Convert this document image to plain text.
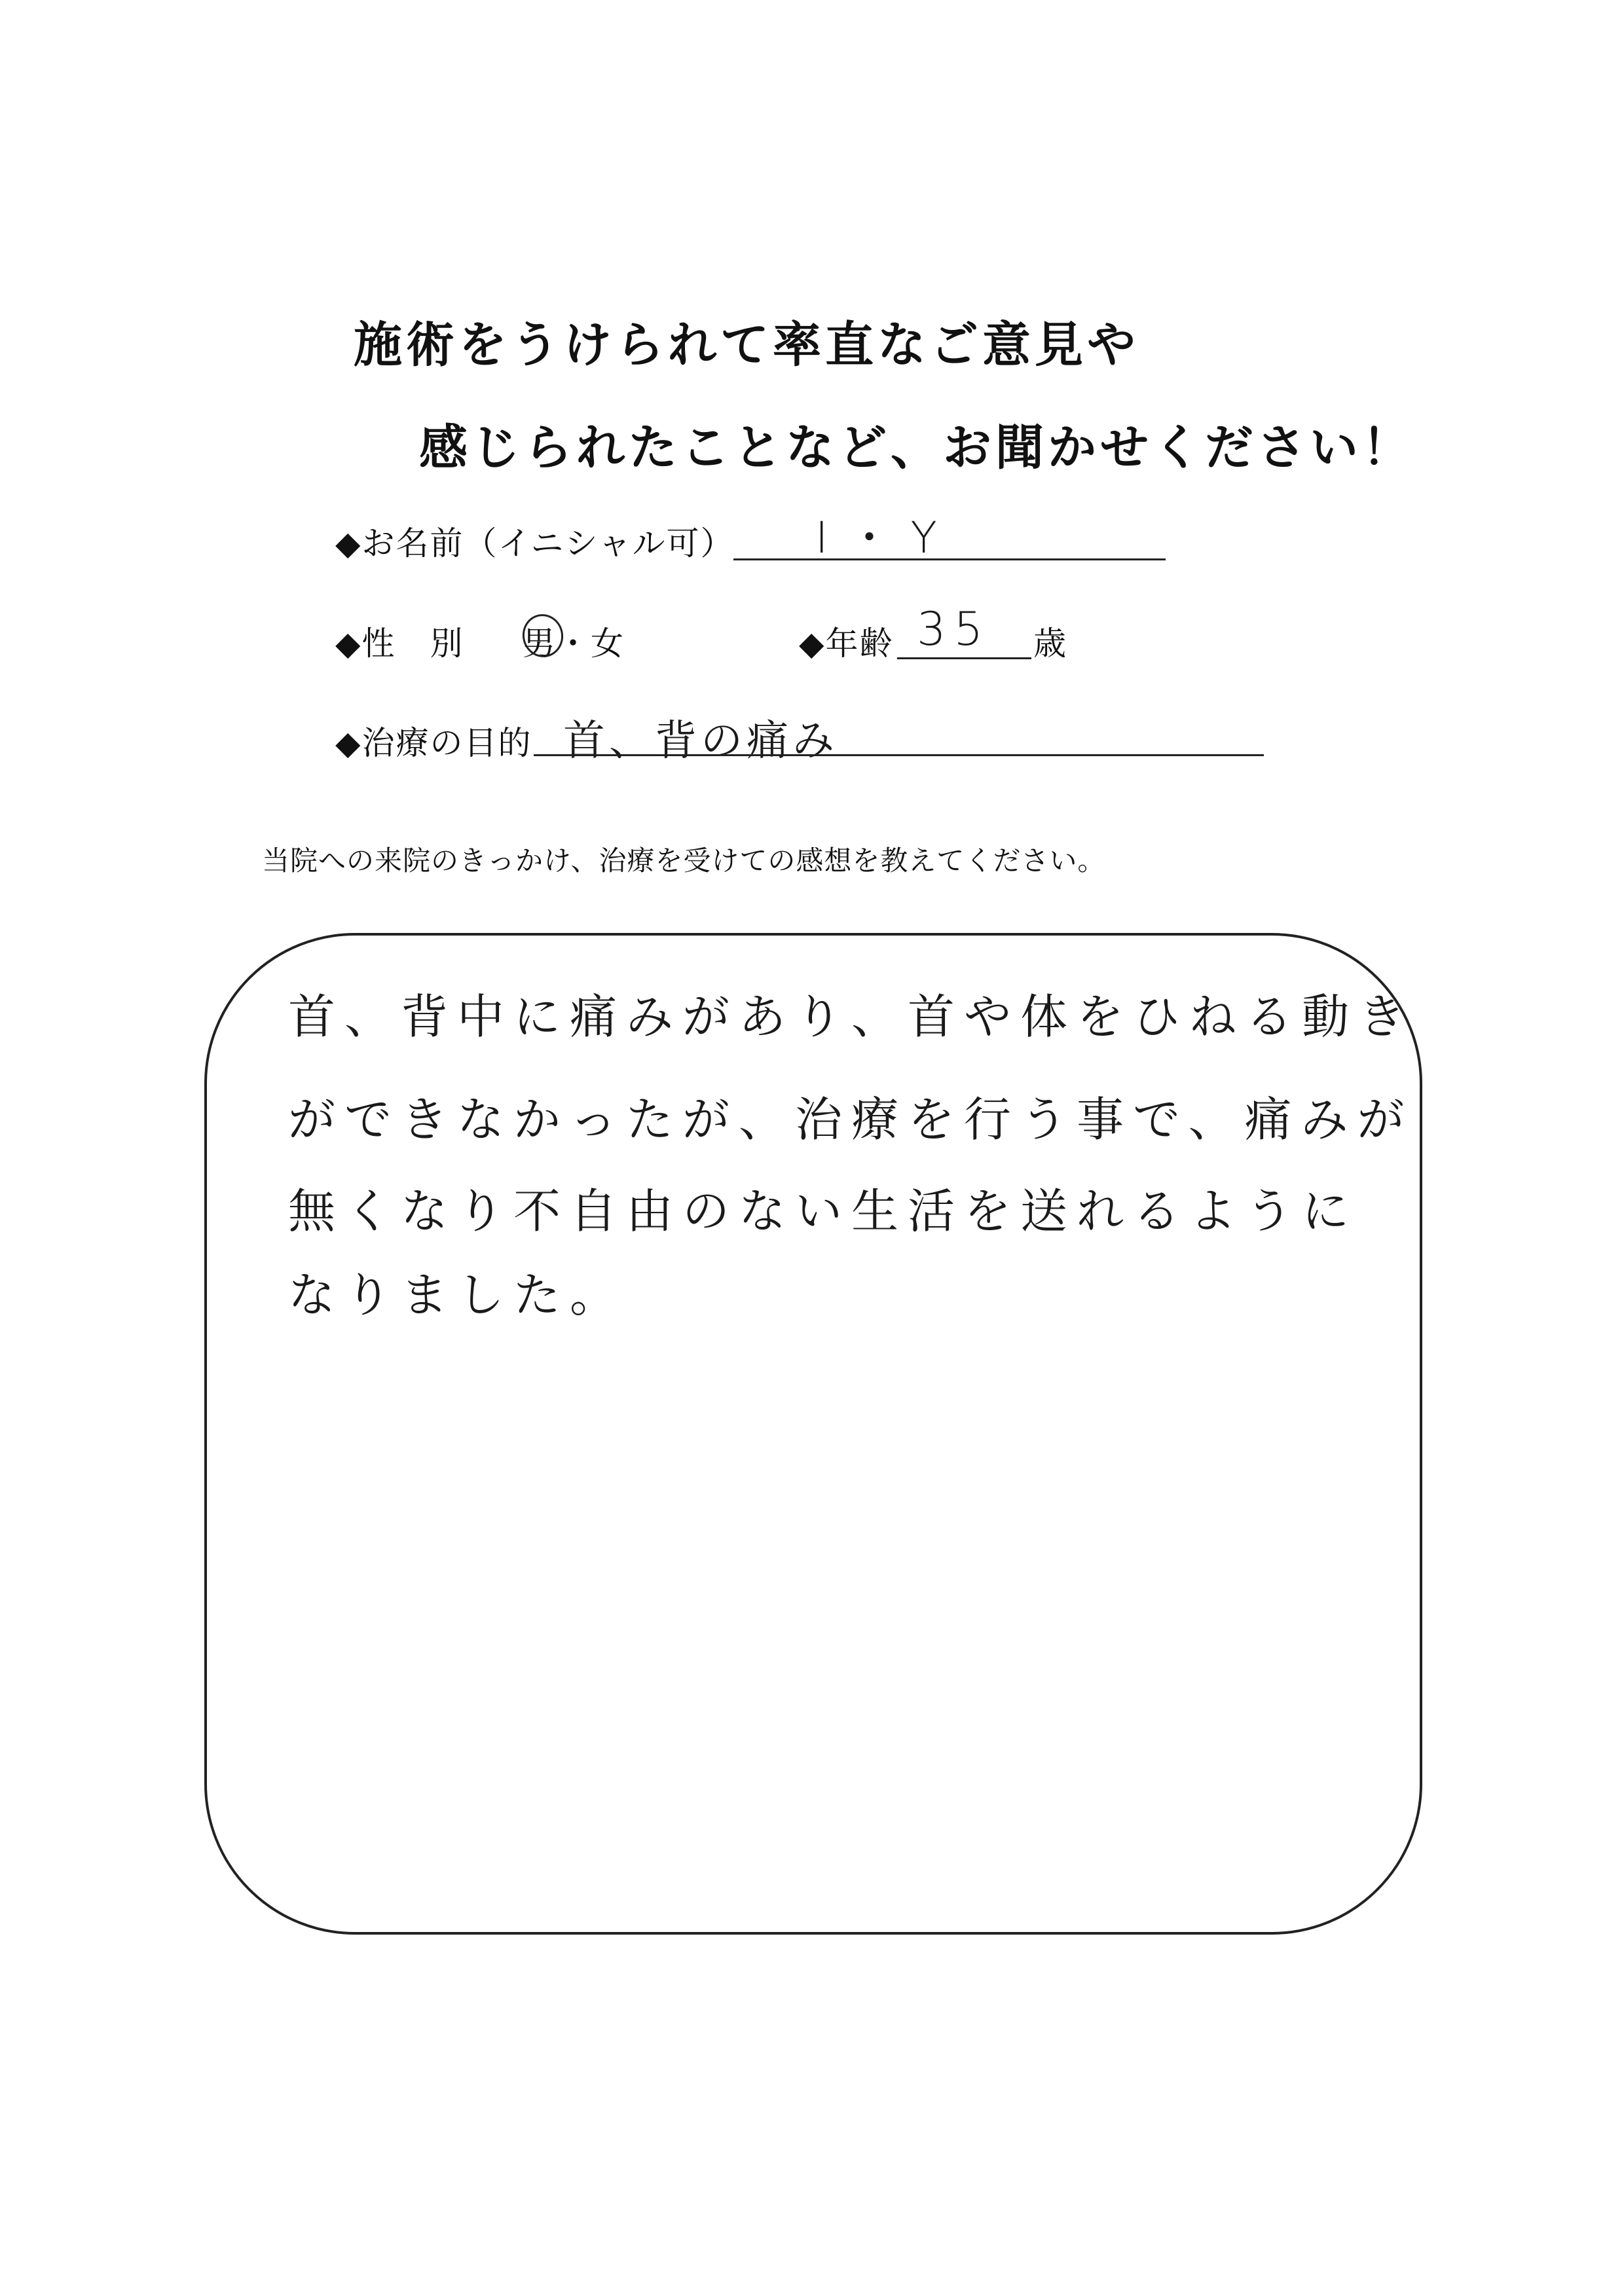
施術をうけられて率直なご意見や
感じられたことなど、お聞かせください！
◆お名前（イニシャル可） I・Y
◆性　別 男・女	◆年齢 35 歳
◆治療の目的 首、背の痛み
当院への来院のきっかけ、治療を受けての感想を教えてください。
首、背中に痛みがあり、首や体をひねる動き
ができなかったが、治療を行う事で、痛みが
無くなり不自由のない生活を送れるように
なりました。
